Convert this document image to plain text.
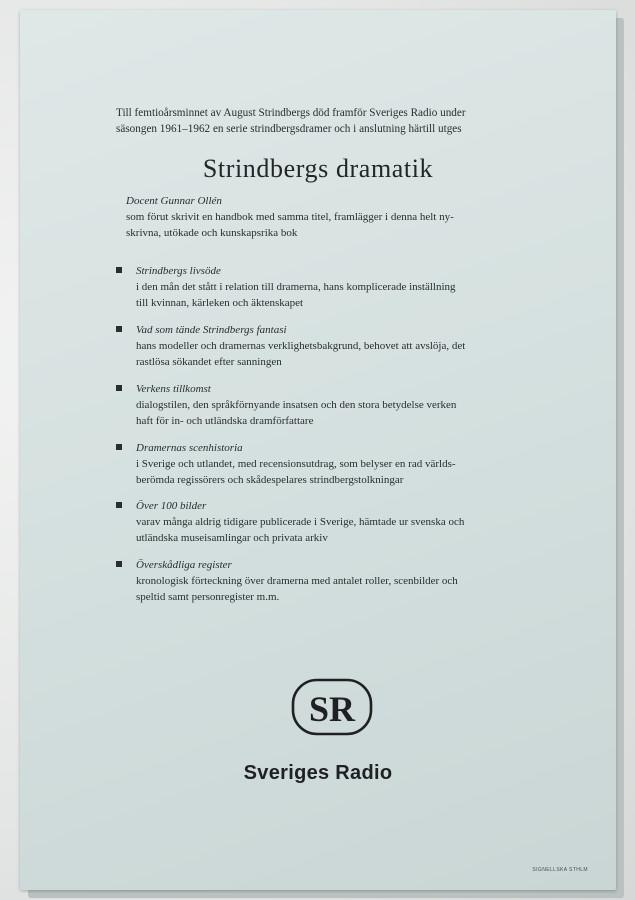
Till femtioårsminnet av August Strindbergs död framför Sveriges Radio under
säsongen 1961–1962 en serie strindbergsdramer och i anslutning härtill utges
Strindbergs dramatik
Docent Gunnar Ollén
som förut skrivit en handbok med samma titel, framlägger i denna helt ny-
skrivna, utökade och kunskapsrika bok
Strindbergs livsöde
i den mån det stått i relation till dramerna, hans komplicerade inställning
till kvinnan, kärleken och äktenskapet
Vad som tände Strindbergs fantasi
hans modeller och dramernas verklighetsbakgrund, behovet att avslöja, det
rastlösa sökandet efter sanningen
Verkens tillkomst
dialogstilen, den språkförnyande insatsen och den stora betydelse verken
haft för in- och utländska dramförfattare
Dramernas scenhistoria
i Sverige och utlandet, med recensionsutdrag, som belyser en rad världs-
berömda regissörers och skådespelares strindbergstolkningar
Över 100 bilder
varav många aldrig tidigare publicerade i Sverige, hämtade ur svenska och
utländska museisamlingar och privata arkiv
Överskådliga register
kronologisk förteckning över dramerna med antalet roller, scenbilder och
speltid samt personregister m.m.
SR
Sveriges Radio
SIGNELLSKA STHLM
